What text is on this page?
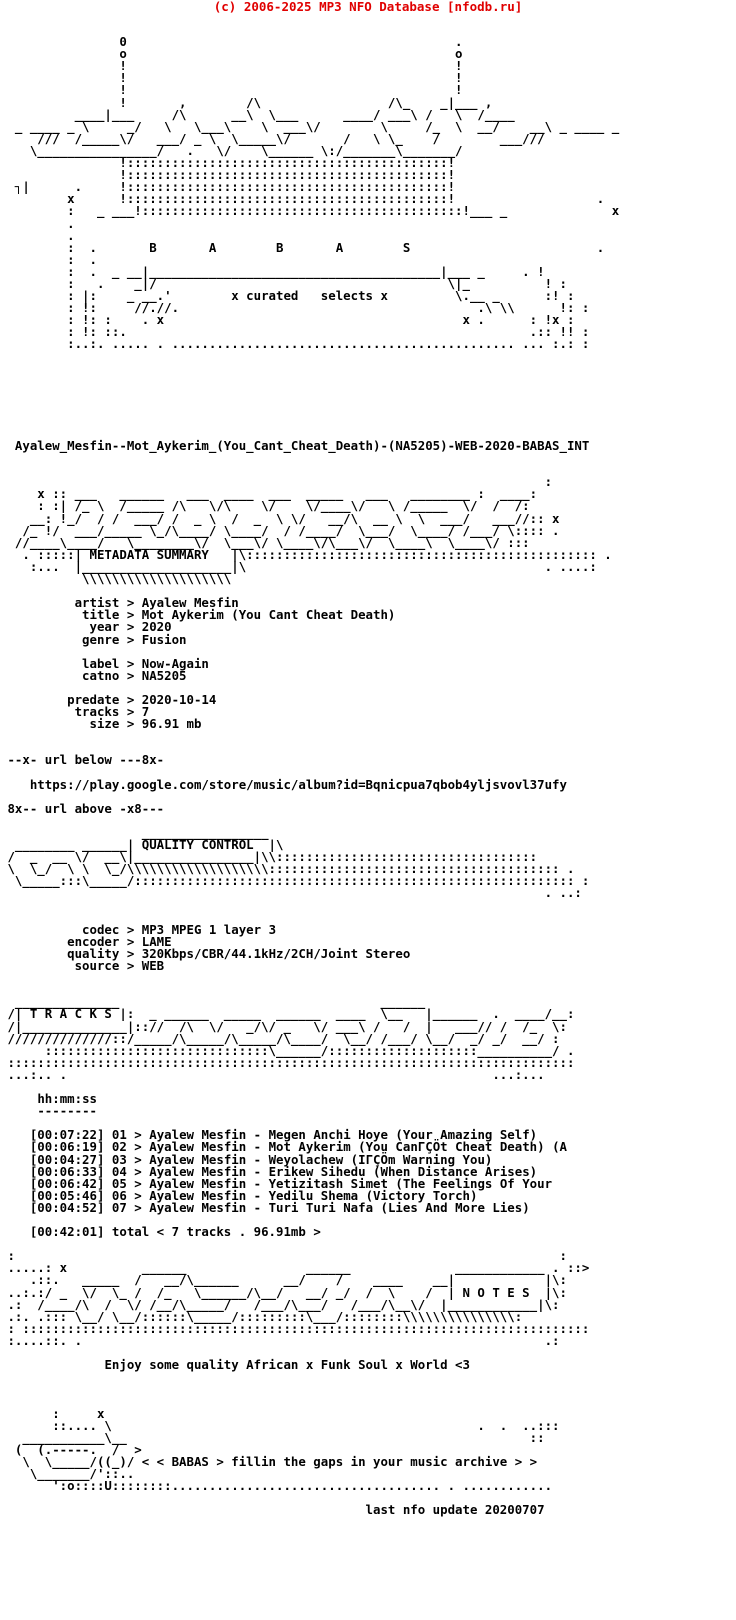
(c) 2006-2025 MP3 NFO Database [nfodb.ru]

0                                            .
o                                            o
!                                            !
!                                            !
!                                            !
!       ,        /\                 /\_    _|___ ,
____|___     /\      __\  \___      ____/ ___\ /   \  /____
_ ____ _ \     _/   \   \___\    \  ___\/        \     /_  \  __/    __\ _ ____ _
///  /_____\/   ___/ _ \  \_____\/       /   \ \_    /        ___///
\________________/   .   \/    \______ \:/_______\_______/
!:::::::::::::::::::::::::::::::::::::::::::!
!:::::::::::::::::::::::::::::::::::::::::::!
┐|      .     !:::::::::::::::::::::::::::::::::::::::::::!
x      !:::::::::::::::::::::::::::::::::::::::::::!                   .
:   _ ___!:::::::::::::::::::::::::::::::::::::::::::!___ _              x
.
.
:  .       B       A        B       A        S                         .
:  .
:  .  _ __|_______________________________________|___ _     . !
:   .    _|/                                       \|_          ! :
: |:    _ __.'        x curated   selects x         \.__ _      :! :
: !:     //.//.                                        .\ \\      !: :
: !: :    . x                                        x .      : !x :
: !: ::.                                                      .:: !! :
:..:. ..... . .............................................. ... :.: :
Ayalew_Mesfin--Mot_Aykerim_(You_Cant_Cheat_Death)-(NA5205)-WEB-2020-BABAS_INT

:
x :: ___   ______   ___  ____  ___  _____   ___   ________ :  ____:
: :| /_ \  /_____ /\   \/\    \/    \/____\/   \ /_____  \/  /  /:
__: !_/  / /  ___/ /  _ \  /  _  \ \/   __/\  __ \  \  ___/   ___//:: x
/_ !/  ___/_____ \_/\____/ \____/  / /____/  \___/  \____/ /___/ \:::: .
//____\____/   \________\/  \___\/ \____\/\___\/  \____\  \____\/ :::
. :::::| METADATA SUMMARY   |\::::::::::::::::::::::::::::::::::::::::::::::: .
:...  |____________________|\                                        . ....:
\\\\\\\\\\\\\\\\\\\\

artist > Ayalew Mesfin
title > Mot Aykerim (You Cant Cheat Death)
year > 2020
genre > Fusion

label > Now-Again
catno > NA5205

predate > 2020-10-14
tracks > 7
size > 96.91 mb

--x- url below ---8x-

https://play.google.com/store/music/album?id=Bqnicpua7qbob4yljsvovl37ufy

8x-- url above -x8---

_________________
________ ______| QUALITY CONTROL  |\
/  _  __ \/  __\|________________|\\:::::::::::::::::::::::::::::::::::
\  \_/  \ \  \_/\\\\\\\\\\\\\\\\\\\::::::::::::::::::::::::::::::::::::::: .
\_____:::\_____/::::::::::::::::::::::::::::::::::::::::::::::::::::::::::: :
. ..:

codec > MP3 MPEG 1 layer 3
encoder > LAME
quality > 320Kbps/CBR/44.1kHz/2CH/Joint Stereo
source > WEB

______________                                   ______
/| T R A C K S |:  _ ______  _____  ______  ____  \__   |______  .  ____/__:
/|______________|:://  /\  \/   _/\/ _   \/ ___\ /   /  |   ___// /  /_  \:
//////////////::/_____/\_____/\_____/\____/  \__/ /___/ \__/  _/ _/  __/ :
::::::::::::::::::::::::::::::\______/::::::::::::::::::::__________/ .
::::::::::::::::::::::::::::::::::::::::::::::::::::::::::::::::::::::::::::
...:.. .                                                         ...:...

hh:mm:ss
--------

[00:07:22] 01 > Ayalew Mesfin - Megen Anchi Hoye (Your Amazing Self)
[00:06:19] 02 > Ayalew Mesfin - Mot Aykerim (You CanΓÇÖt Cheat Death) (A
[00:04:27] 03 > Ayalew Mesfin - Weyolachew (IΓÇÖm Warning You)
[00:06:33] 04 > Ayalew Mesfin - Erikew Sihedu (When Distance Arises)
[00:06:42] 05 > Ayalew Mesfin - Yetizitash Simet (The Feelings Of Your
[00:05:46] 06 > Ayalew Mesfin - Yedilu Shema (Victory Torch)
[00:04:52] 07 > Ayalew Mesfin - Turi Turi Nafa (Lies And More Lies)

[00:42:01] total < 7 tracks . 96.91mb >

:                                                                         :
.....: x          ______                ______              ____________ . ::>
.::.   _____  /   __/\______      __/    /    ____    __|            |\:
..:.:/ _  \/  \_ /  /_   \______/\__/   __/ _/  /  \    /  | N O T E S  |\:
.:  /____/\  /  \/ /__/\_____/   /___/\___/   /___/\__\/  |____________|\:
.:. .::: \__/ \__/::::::\_____/:::::::::\___/::::::::\\\\\\\\\\\\\\\:
: ::::::::::::::::::::::::::::::::::::::::::::::::::::::::::::::::::::::::::::
:....::. .                                                              .:

Enjoy some quality African x Funk Soul x World <3

:     x
::.... \                                                 .  .  ..:::
___________\__                                                      ::
(  (.-----.  /  >
\  \_____/((_)/ < < BABAS > fillin the gaps in your music archive > >
\_______/'::..
':o::::U::::::::.................................... . ............

last nfo update 20200707
